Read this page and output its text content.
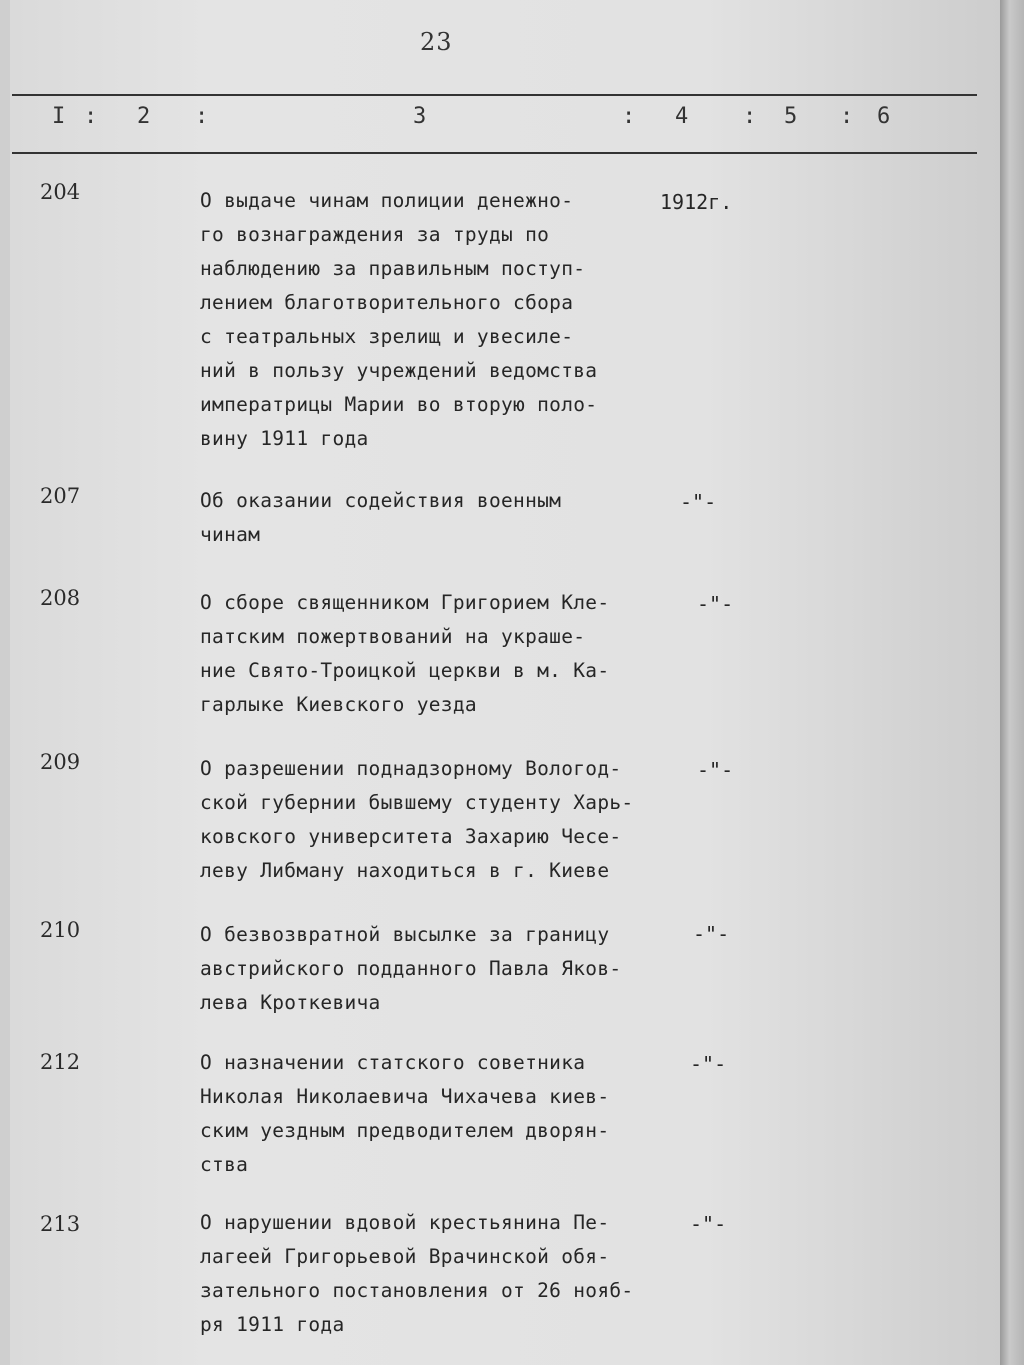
23
I : 2 :	3	: 4 : 5 : 6
204	О выдаче чинам полиции денежно-
го вознаграждения за труды по
наблюдению за правильным поступ-
лением благотворительного сбора
с театральных зрелищ и увесиле-
ний в пользу учреждений ведомства
императрицы Марии во вторую поло-
вину 1911 года
1912г.
207	Об оказании содействия военным
чинам
-"-
208	О сборе священником Григорием Кле-
патским пожертвований на украше-
ние Свято-Троицкой церкви в м. Ка-
гарлыке Киевского уезда
-"-
209	О разрешении поднадзорному Вологод-
ской губернии бывшему студенту Харь-
ковского университета Захарию Чесе-
леву Либману находиться в г. Киеве
-"-
210	О безвозвратной высылке за границу
австрийского подданного Павла Яков-
лева Кроткевича
-"-
212	О назначении статского советника
Николая Николаевича Чихачева киев-
ским уездным предводителем дворян-
ства
-"-
213	О нарушении вдовой крестьянина Пе-
лагеей Григорьевой Врачинской обя-
зательного постановления от 26 нояб-
ря 1911 года
-"-
